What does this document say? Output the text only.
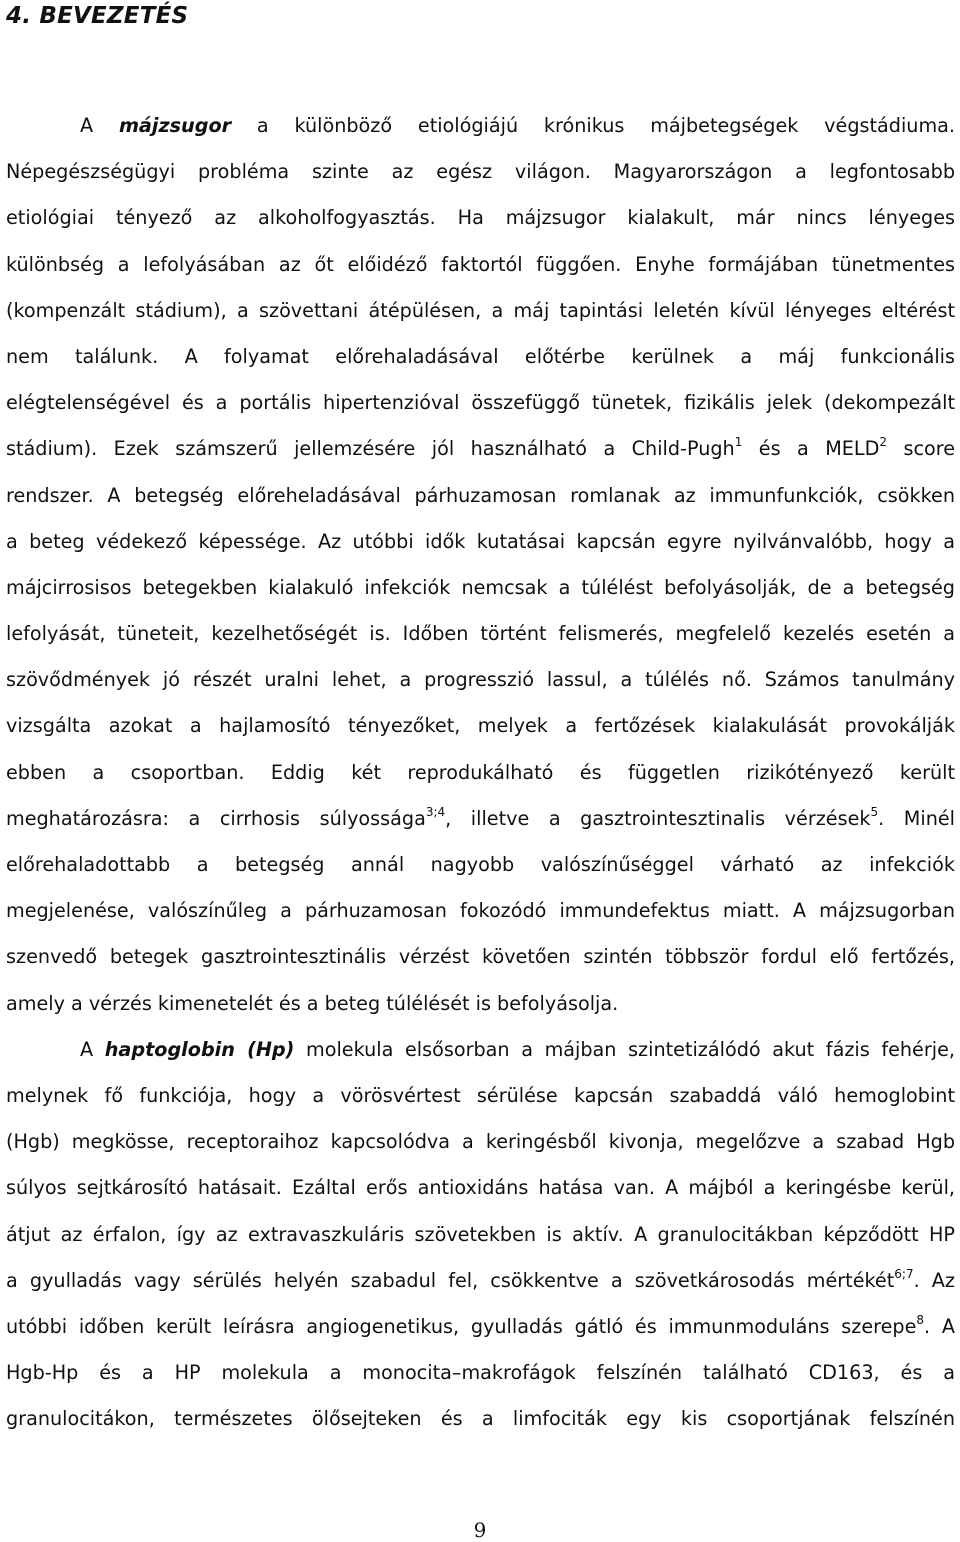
4. BEVEZETÉS
A májzsugor a különböző etiológiájú krónikus májbetegségek végstádiuma.
Népegészségügyi probléma szinte az egész világon. Magyarországon a legfontosabb
etiológiai tényező az alkoholfogyasztás. Ha májzsugor kialakult, már nincs lényeges
különbség a lefolyásában az őt előidéző faktortól függően. Enyhe formájában tünetmentes
(kompenzált stádium), a szövettani átépülésen, a máj tapintási leletén kívül lényeges eltérést
nem találunk. A folyamat előrehaladásával előtérbe kerülnek a máj funkcionális
elégtelenségével és a portális hipertenzióval összefüggő tünetek, fizikális jelek (dekompezált
stádium). Ezek számszerű jellemzésére jól használható a Child-Pugh$^1$ és a MELD$^2$ score
rendszer. A betegség előreheladásával párhuzamosan romlanak az immunfunkciók, csökken
a beteg védekező képessége. Az utóbbi idők kutatásai kapcsán egyre nyilvánvalóbb, hogy a
májcirrosisos betegekben kialakuló infekciók nemcsak a túlélést befolyásolják, de a betegség
lefolyását, tüneteit, kezelhetőségét is. Időben történt felismerés, megfelelő kezelés esetén a
szövődmények jó részét uralni lehet, a progresszió lassul, a túlélés nő. Számos tanulmány
vizsgálta azokat a hajlamosító tényezőket, melyek a fertőzések kialakulását provokálják
ebben a csoportban. Eddig két reprodukálható és független rizikótényező került
meghatározásra: a cirrhosis súlyossága$^{3;4}$, illetve a gasztrointesztinalis vérzések$^5$. Minél
előrehaladottabb a betegség annál nagyobb valószínűséggel várható az infekciók
megjelenése, valószínűleg a párhuzamosan fokozódó immundefektus miatt. A májzsugorban
szenvedő betegek gasztrointesztinális vérzést követően szintén többször fordul elő fertőzés,
amely a vérzés kimenetelét és a beteg túlélését is befolyásolja.
A haptoglobin (Hp) molekula elsősorban a májban szintetizálódó akut fázis fehérje,
melynek fő funkciója, hogy a vörösvértest sérülése kapcsán szabaddá váló hemoglobint
(Hgb) megkösse, receptoraihoz kapcsolódva a keringésből kivonja, megelőzve a szabad Hgb
súlyos sejtkárosító hatásait. Ezáltal erős antioxidáns hatása van. A májból a keringésbe kerül,
átjut az érfalon, így az extravaszkuláris szövetekben is aktív. A granulocitákban képződött HP
a gyulladás vagy sérülés helyén szabadul fel, csökkentve a szövetkárosodás mértékét$^{6;7}$. Az
utóbbi időben került leírásra angiogenetikus, gyulladás gátló és immunmoduláns szerepe$^8$. A
Hgb-Hp és a HP molekula a monocita–makrofágok felszínén található CD163, és a
granulocitákon, természetes ölősejteken és a limfociták egy kis csoportjának felszínén
9
